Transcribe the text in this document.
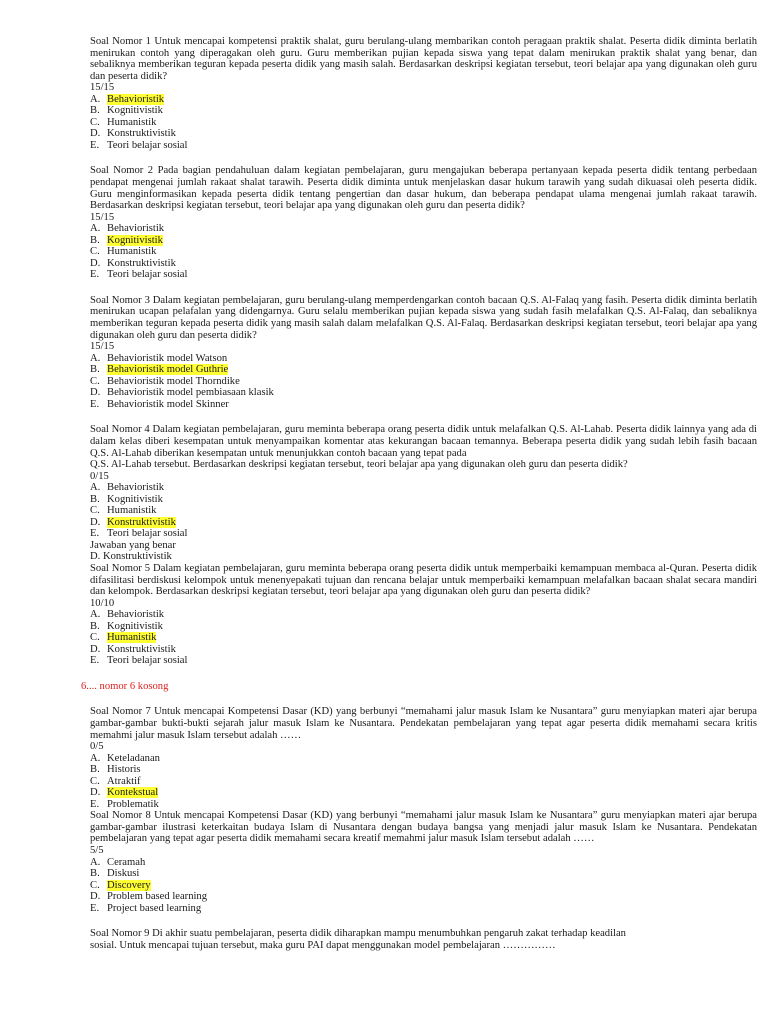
Soal Nomor 1 Untuk mencapai kompetensi praktik shalat, guru berulang-ulang membarikan contoh peragaan praktik shalat. Peserta didik diminta berlatih menirukan contoh yang diperagakan oleh guru. Guru memberikan pujian kepada siswa yang tepat dalam menirukan praktik shalat yang benar, dan sebaliknya memberikan teguran kepada peserta didik yang masih salah. Berdasarkan deskripsi kegiatan tersebut, teori belajar apa yang digunakan oleh guru dan peserta didik?
15/15
A. Behavioristik
B. Kognitivistik
C. Humanistik
D. Konstruktivistik
E. Teori belajar sosial
Soal Nomor 2 Pada bagian pendahuluan dalam kegiatan pembelajaran, guru mengajukan beberapa pertanyaan kepada peserta didik tentang perbedaan pendapat mengenai jumlah rakaat shalat tarawih. Peserta didik diminta untuk menjelaskan dasar hukum tarawih yang sudah dikuasai oleh peserta didik. Guru menginformasikan kepada peserta didik tentang pengertian dan dasar hukum, dan beberapa pendapat ulama mengenai jumlah rakaat tarawih. Berdasarkan deskripsi kegiatan tersebut, teori belajar apa yang digunakan oleh guru dan peserta didik?
15/15
A. Behavioristik
B. Kognitivistik
C. Humanistik
D. Konstruktivistik
E. Teori belajar sosial
Soal Nomor 3 Dalam kegiatan pembelajaran, guru berulang-ulang memperdengarkan contoh bacaan Q.S. Al-Falaq yang fasih. Peserta didik diminta berlatih menirukan ucapan pelafalan yang didengarnya. Guru selalu memberikan pujian kepada siswa yang sudah fasih melafalkan Q.S. Al-Falaq, dan sebaliknya memberikan teguran kepada peserta didik yang masih salah dalam melafalkan Q.S. Al-Falaq. Berdasarkan deskripsi kegiatan tersebut, teori belajar apa yang digunakan oleh guru dan peserta didik?
15/15
A. Behavioristik model Watson
B. Behavioristik model Guthrie
C. Behavioristik model Thorndike
D. Behavioristik model pembiasaan klasik
E. Behavioristik model Skinner
Soal Nomor 4 Dalam kegiatan pembelajaran, guru meminta beberapa orang peserta didik untuk melafalkan Q.S. Al-Lahab. Peserta didik lainnya yang ada di dalam kelas diberi kesempatan untuk menyampaikan komentar atas kekurangan bacaan temannya. Beberapa peserta didik yang sudah lebih fasih bacaan Q.S. Al-Lahab diberikan kesempatan untuk menunjukkan contoh bacaan yang tepat pada
Q.S. Al-Lahab tersebut. Berdasarkan deskripsi kegiatan tersebut, teori belajar apa yang digunakan oleh guru dan peserta didik?
0/15
A. Behavioristik
B. Kognitivistik
C. Humanistik
D. Konstruktivistik
E. Teori belajar sosial
Jawaban yang benar
D. Konstruktivistik
Soal Nomor 5 Dalam kegiatan pembelajaran, guru meminta beberapa orang peserta didik untuk memperbaiki kemampuan membaca al-Quran. Peserta didik difasilitasi berdiskusi kelompok untuk menenyepakati tujuan dan rencana belajar untuk memperbaiki kemampuan melafalkan bacaan shalat secara mandiri dan kelompok. Berdasarkan deskripsi kegiatan tersebut, teori belajar apa yang digunakan oleh guru dan peserta didik?
10/10
A. Behavioristik
B. Kognitivistik
C. Humanistik
D. Konstruktivistik
E. Teori belajar sosial
6.... nomor 6 kosong
Soal Nomor 7 Untuk mencapai Kompetensi Dasar (KD) yang berbunyi “memahami jalur masuk Islam ke Nusantara” guru menyiapkan materi ajar berupa gambar-gambar bukti-bukti sejarah jalur masuk Islam ke Nusantara. Pendekatan pembelajaran yang tepat agar peserta didik memahami secara kritis memahmi jalur masuk Islam tersebut adalah ……
0/5
A. Keteladanan
B. Historis
C. Atraktif
D. Kontekstual
E. Problematik
Soal Nomor 8 Untuk mencapai Kompetensi Dasar (KD) yang berbunyi “memahami jalur masuk Islam ke Nusantara” guru menyiapkan materi ajar berupa gambar-gambar ilustrasi keterkaitan budaya Islam di Nusantara dengan budaya bangsa yang menjadi jalur masuk Islam ke Nusantara. Pendekatan pembelajaran yang tepat agar peserta didik memahami secara kreatif memahmi jalur masuk Islam tersebut adalah ……
5/5
A. Ceramah
B. Diskusi
C. Discovery
D. Problem based learning
E. Project based learning
Soal Nomor 9 Di akhir suatu pembelajaran, peserta didik diharapkan mampu menumbuhkan pengaruh zakat terhadap keadilan
sosial. Untuk mencapai tujuan tersebut, maka guru PAI dapat menggunakan model pembelajaran ……………
